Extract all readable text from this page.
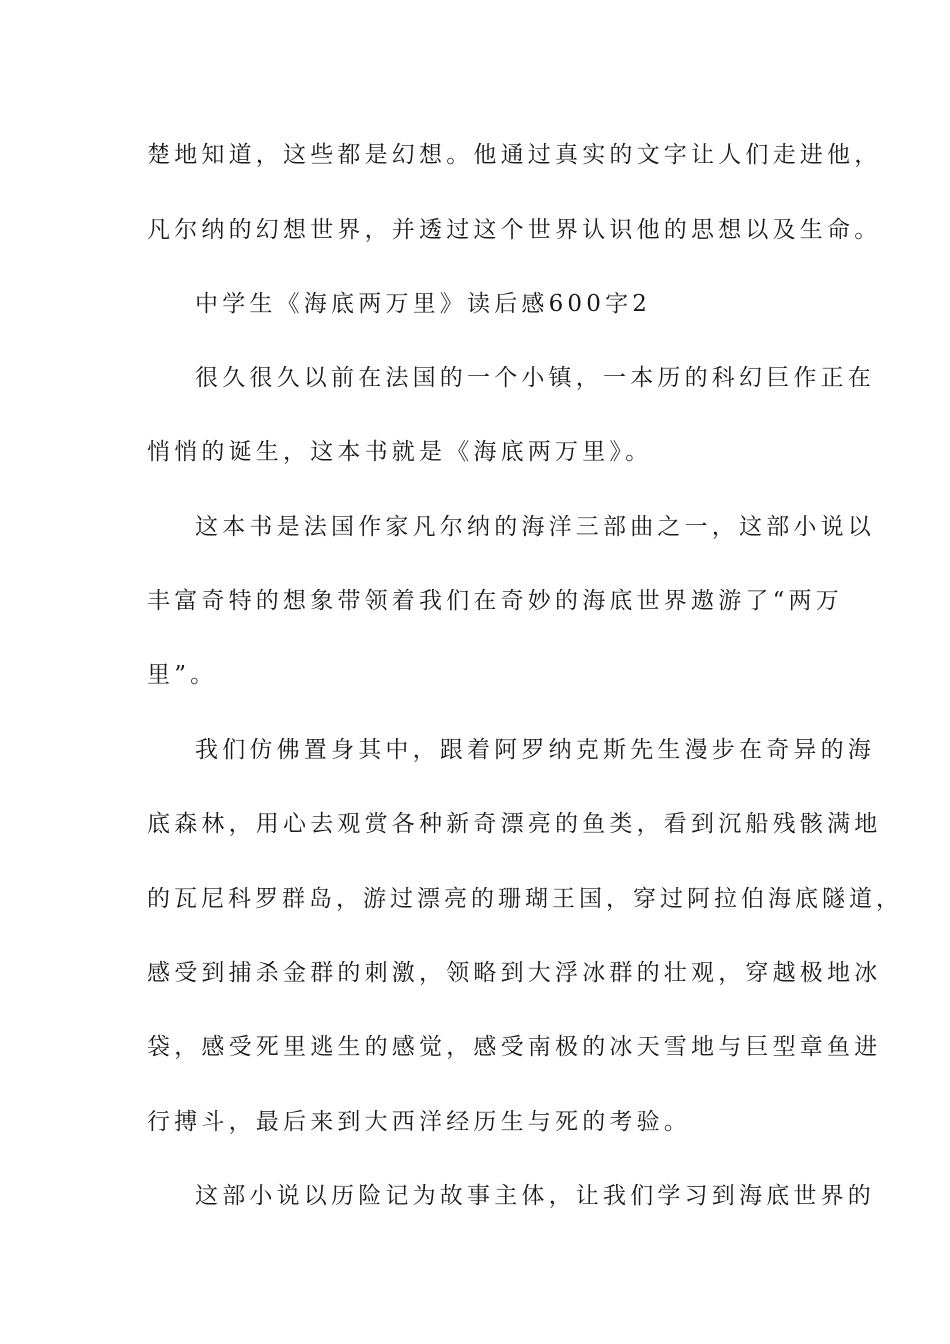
楚地知道，这些都是幻想。他通过真实的文字让人们走进他，
凡尔纳的幻想世界，并透过这个世界认识他的思想以及生命。
中学生《海底两万里》读后感600字2
很久很久以前在法国的一个小镇，一本历的科幻巨作正在
悄悄的诞生，这本书就是《海底两万里》。
这本书是法国作家凡尔纳的海洋三部曲之一，这部小说以
丰富奇特的想象带领着我们在奇妙的海底世界遨游了“两万
里”。
我们仿佛置身其中，跟着阿罗纳克斯先生漫步在奇异的海
底森林，用心去观赏各种新奇漂亮的鱼类，看到沉船残骸满地
的瓦尼科罗群岛，游过漂亮的珊瑚王国，穿过阿拉伯海底隧道，
感受到捕杀金群的刺激，领略到大浮冰群的壮观，穿越极地冰
袋，感受死里逃生的感觉，感受南极的冰天雪地与巨型章鱼进
行搏斗，最后来到大西洋经历生与死的考验。
这部小说以历险记为故事主体，让我们学习到海底世界的
